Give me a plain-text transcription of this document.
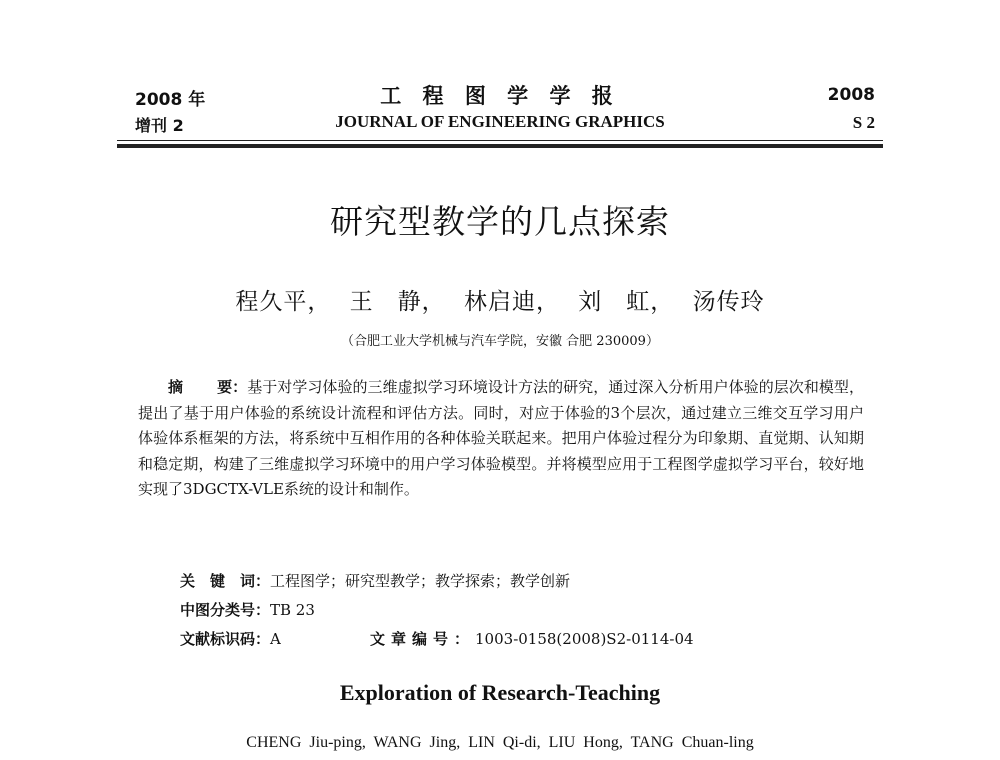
2008 年
增刊 2
工 程 图 学 学 报
JOURNAL OF ENGINEERING GRAPHICS
2008
S 2
研究型教学的几点探索
程久平， 王　静， 林启迪， 刘　虹， 汤传玲
（合肥工业大学机械与汽车学院，安徽 合肥 230009）
摘 要：基于对学习体验的三维虚拟学习环境设计方法的研究，通过深入分析用户体验的层次和模型，提出了基于用户体验的系统设计流程和评估方法。同时，对应于体验的3个层次，通过建立三维交互学习用户体验体系框架的方法，将系统中互相作用的各种体验关联起来。把用户体验过程分为印象期、直觉期、认知期和稳定期，构建了三维虚拟学习环境中的用户学习体验模型。并将模型应用于工程图学虚拟学习平台，较好地实现了3DGCTX-VLE系统的设计和制作。
关　键　词：工程图学；研究型教学；教学探索；教学创新
中图分类号：TB 23
文献标识码：A	文章编号：1003-0158(2008)S2-0114-04
Exploration of Research-Teaching
CHENG Jiu-ping, WANG Jing, LIN Qi-di, LIU Hong, TANG Chuan-ling
